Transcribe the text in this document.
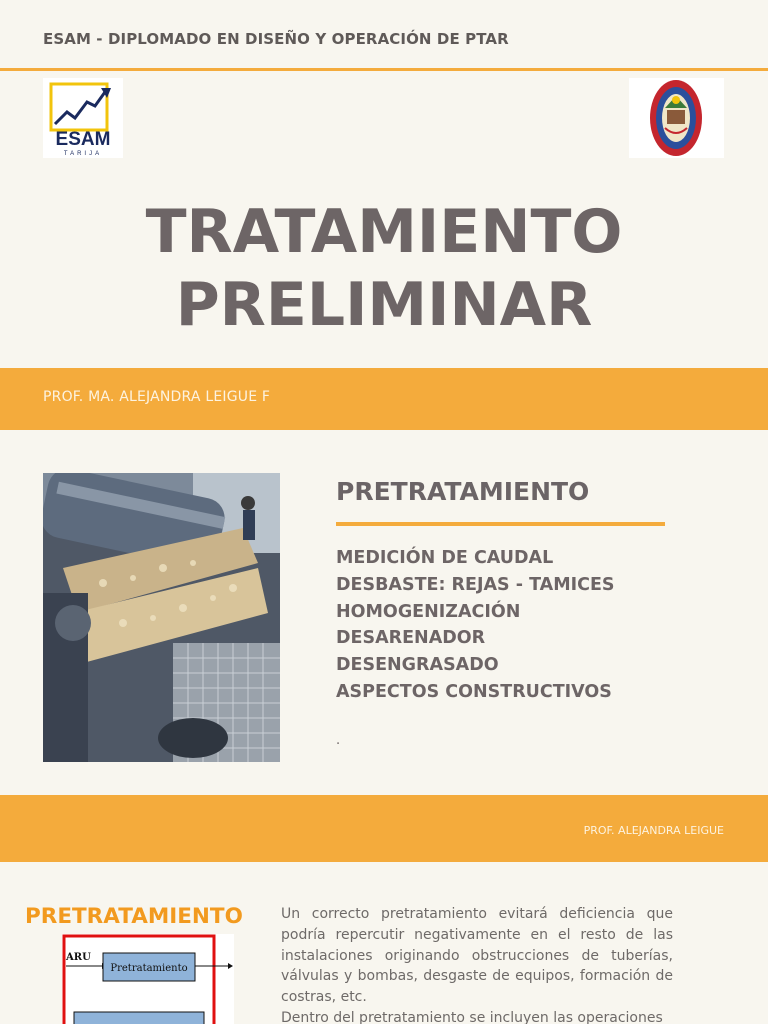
ESAM - DIPLOMADO EN DISEÑO Y OPERACIÓN DE PTAR
ESAM
TARIJA
TRATAMIENTO
PRELIMINAR
PROF. MA. ALEJANDRA LEIGUE F
PRETRATAMIENTO
MEDICIÓN DE CAUDAL
DESBASTE: REJAS - TAMICES
HOMOGENIZACIÓN
DESARENADOR
DESENGRASADO
ASPECTOS CONSTRUCTIVOS
.
PROF. ALEJANDRA LEIGUE
PRETRATAMIENTO
ARU
Pretratamiento

Un correcto pretratamiento evitará deficiencia que podría repercutir negativamente en el resto de las instalaciones originando obstrucciones de tuberías, válvulas y bombas, desgaste de equipos, formación de costras, etc.

Dentro del pretratamiento se incluyen las operaciones
